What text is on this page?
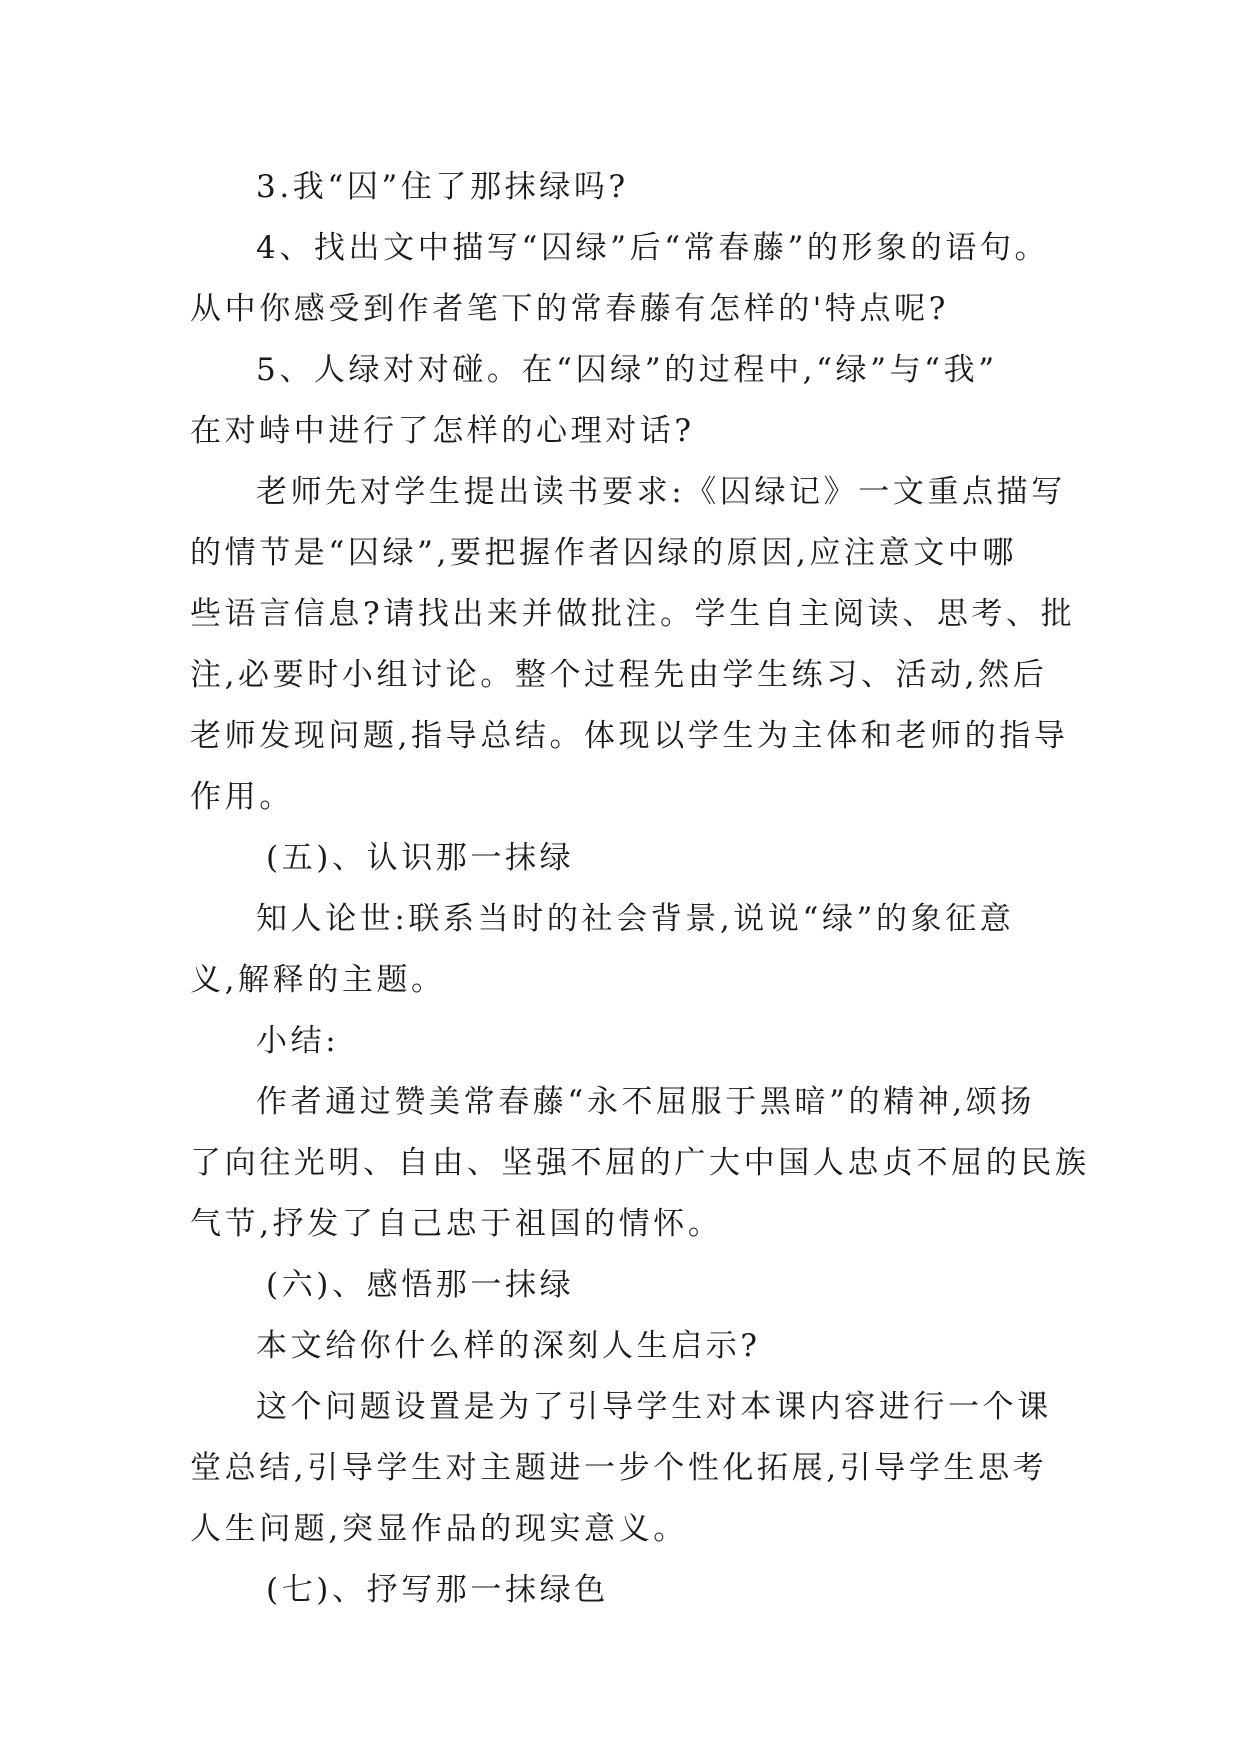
3.我“囚”住了那抹绿吗?
4、找出文中描写“囚绿”后“常春藤”的形象的语句。
从中你感受到作者笔下的常春藤有怎样的'特点呢?
5、人绿对对碰。在“囚绿”的过程中,“绿”与“我”
在对峙中进行了怎样的心理对话?
老师先对学生提出读书要求:《囚绿记》一文重点描写
的情节是“囚绿”,要把握作者囚绿的原因,应注意文中哪
些语言信息?请找出来并做批注。学生自主阅读、思考、批
注,必要时小组讨论。整个过程先由学生练习、活动,然后
老师发现问题,指导总结。体现以学生为主体和老师的指导
作用。
(五)、认识那一抹绿
知人论世:联系当时的社会背景,说说“绿”的象征意
义,解释的主题。
小结:
作者通过赞美常春藤“永不屈服于黑暗”的精神,颂扬
了向往光明、自由、坚强不屈的广大中国人忠贞不屈的民族
气节,抒发了自己忠于祖国的情怀。
(六)、感悟那一抹绿
本文给你什么样的深刻人生启示?
这个问题设置是为了引导学生对本课内容进行一个课
堂总结,引导学生对主题进一步个性化拓展,引导学生思考
人生问题,突显作品的现实意义。
(七)、抒写那一抹绿色
